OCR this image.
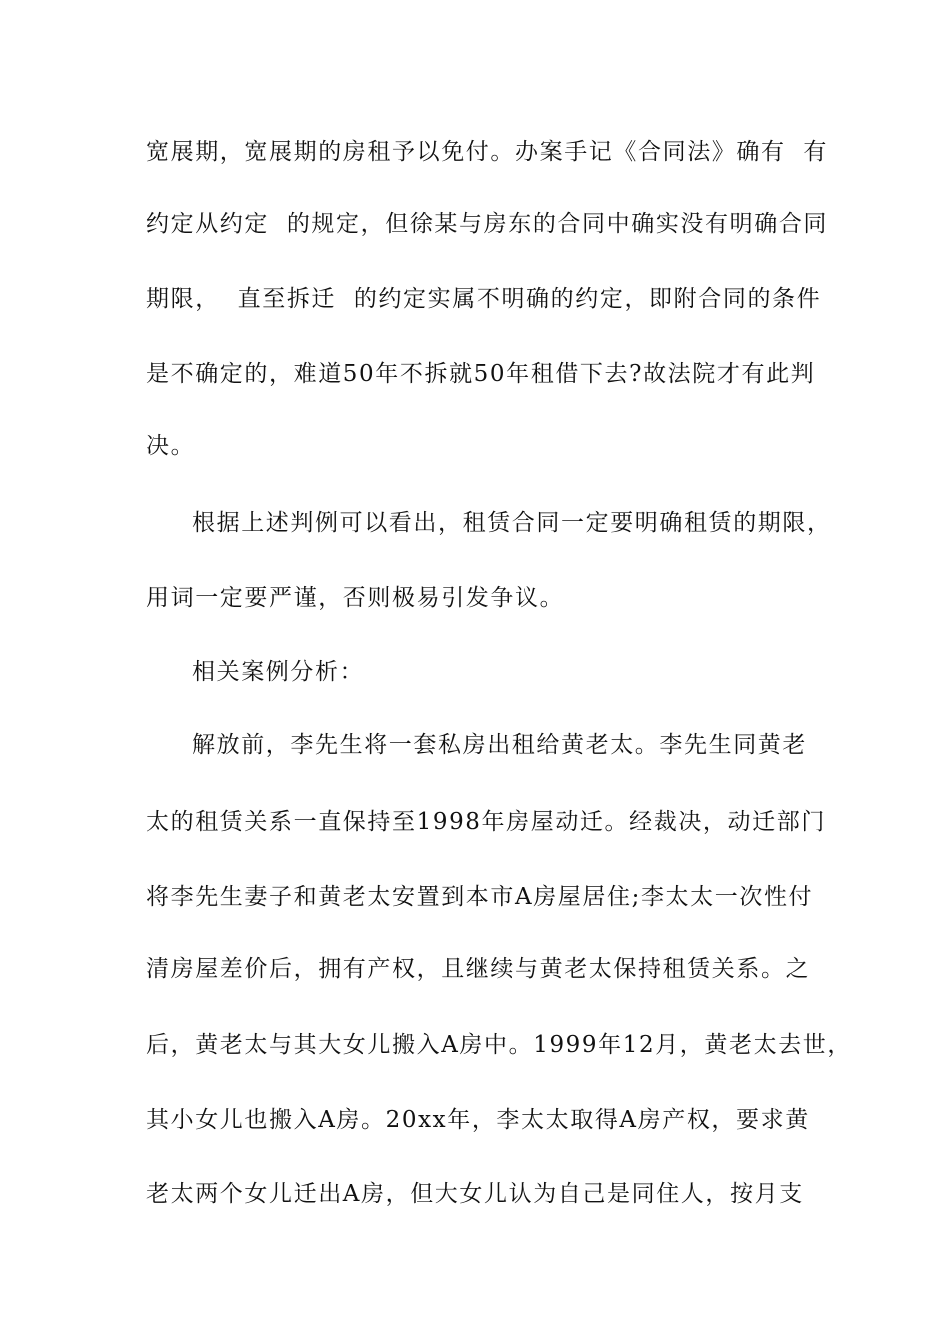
宽展期，宽展期的房租予以免付。办案手记《合同法》确有  有
约定从约定  的规定，但徐某与房东的合同中确实没有明确合同
期限，  直至拆迁  的约定实属不明确的约定，即附合同的条件
是不确定的，难道50年不拆就50年租借下去?故法院才有此判
决。
根据上述判例可以看出，租赁合同一定要明确租赁的期限，
用词一定要严谨，否则极易引发争议。
相关案例分析：
解放前，李先生将一套私房出租给黄老太。李先生同黄老
太的租赁关系一直保持至1998年房屋动迁。经裁决，动迁部门
将李先生妻子和黄老太安置到本市A房屋居住;李太太一次性付
清房屋差价后，拥有产权，且继续与黄老太保持租赁关系。之
后，黄老太与其大女儿搬入A房中。1999年12月，黄老太去世，
其小女儿也搬入A房。20xx年，李太太取得A房产权，要求黄
老太两个女儿迁出A房，但大女儿认为自己是同住人，按月支
